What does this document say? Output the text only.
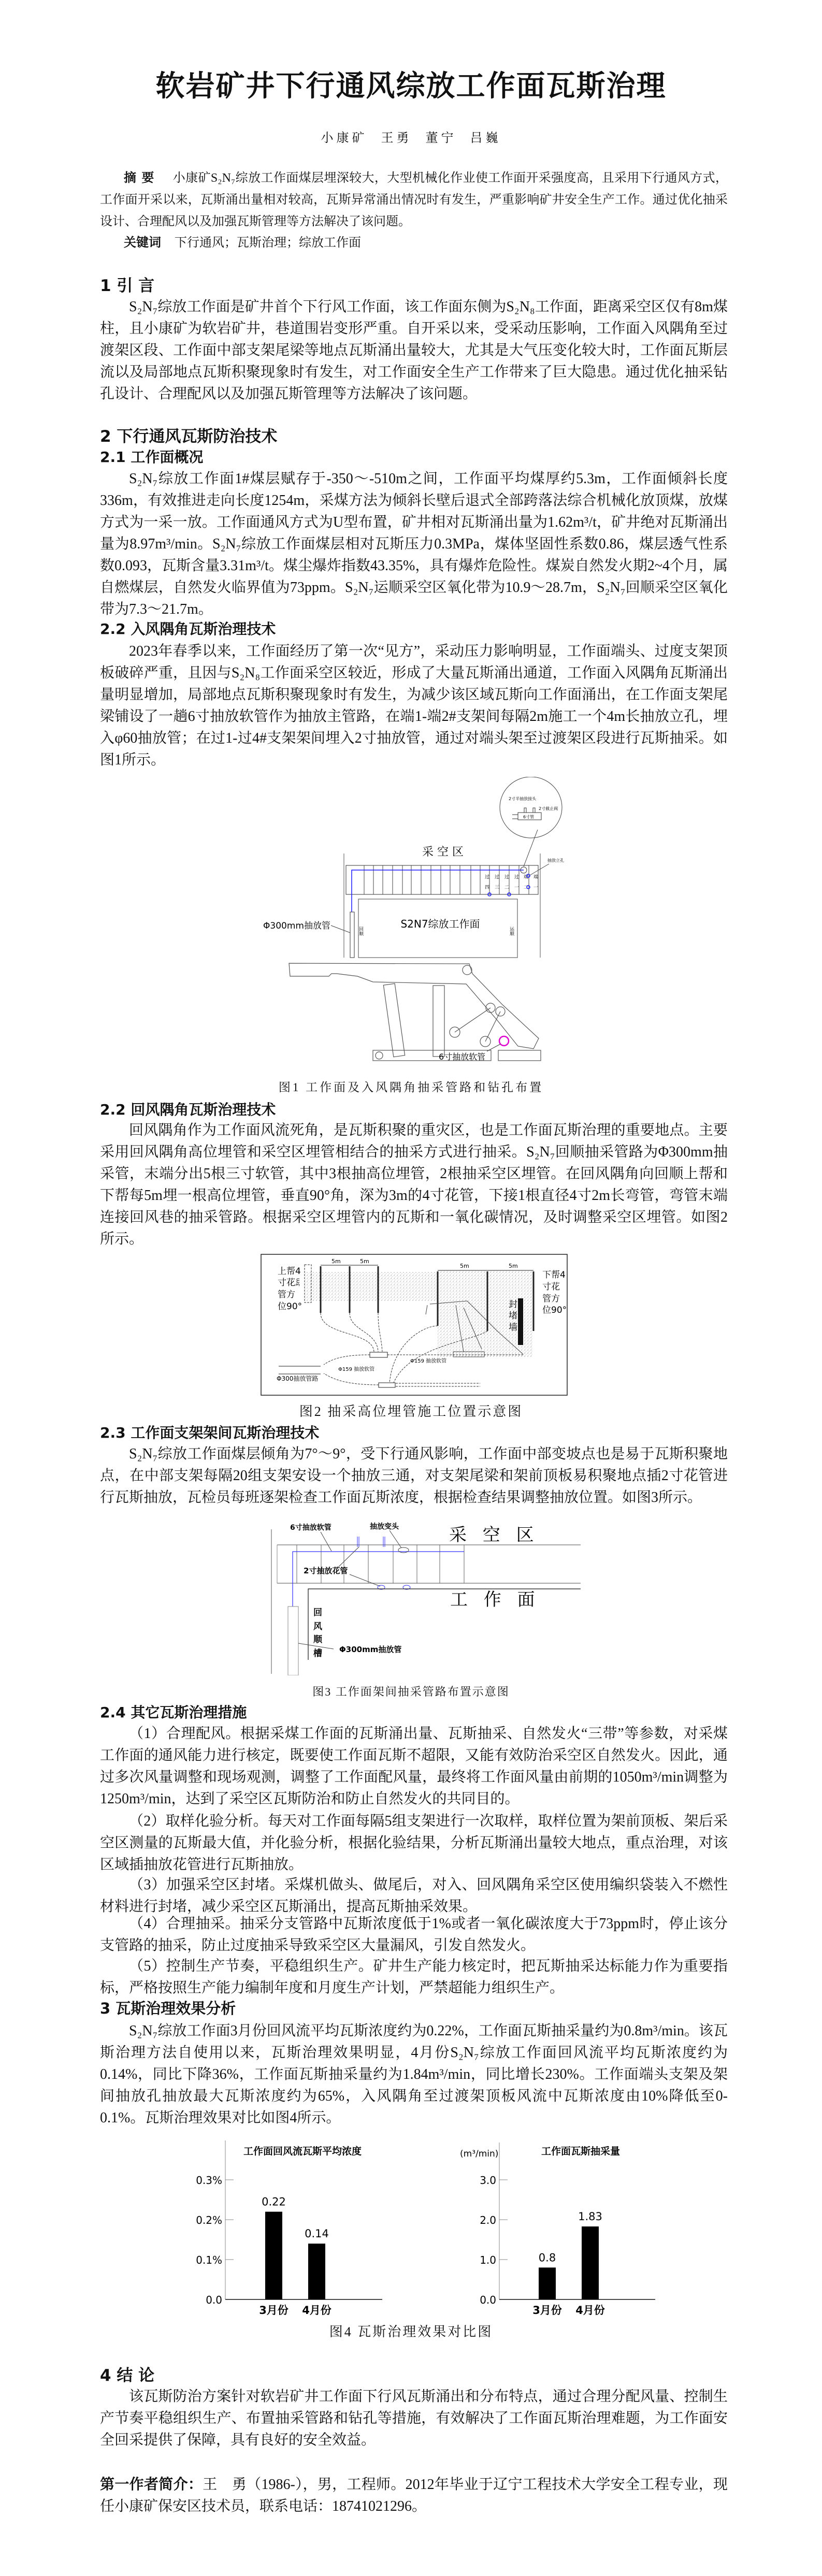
软岩矿井下行通风综放工作面瓦斯治理
小康矿 王勇 董宁 吕巍
摘要 小康矿S₂N₇综放工作面煤层埋深较大，大型机械化作业使工作面开采强度高，且采用下行通风方式，工作面开采以来，瓦斯涌出量相对较高，瓦斯异常涌出情况时有发生，严重影响矿井安全生产工作。通过优化抽采设计、合理配风以及加强瓦斯管理等方法解决了该问题。
关键词 下行通风；瓦斯治理；综放工作面
1 引 言
S₂N₇综放工作面是矿井首个下行风工作面，该工作面东侧为S₂N₈工作面，距离采空区仅有8m煤柱，且小康矿为软岩矿井，巷道围岩变形严重。自开采以来，受采动压影响，工作面入风隅角至过渡架区段、工作面中部支架尾梁等地点瓦斯涌出量较大，尤其是大气压变化较大时，工作面瓦斯层流以及局部地点瓦斯积聚现象时有发生，对工作面安全生产工作带来了巨大隐患。通过优化抽采钻孔设计、合理配风以及加强瓦斯管理等方法解决了该问题。
2 下行通风瓦斯防治技术
2.1 工作面概况
S₂N₇综放工作面1#煤层赋存于-350～-510m之间，工作面平均煤厚约5.3m，工作面倾斜长度336m，有效推进走向长度1254m，采煤方法为倾斜长壁后退式全部跨落法综合机械化放顶煤，放煤方式为一采一放。工作面通风方式为U型布置，矿井相对瓦斯涌出量为1.62m³/t，矿井绝对瓦斯涌出量为8.97m³/min。S₂N₇综放工作面煤层相对瓦斯压力0.3MPa，煤体坚固性系数0.86，煤层透气性系数0.093，瓦斯含量3.31m³/t。煤尘爆炸指数43.35%，具有爆炸危险性。煤炭自然发火期2~4个月，属自燃煤层，自然发火临界值为73ppm。S₂N₇运顺采空区氧化带为10.9～28.7m，S₂N₇回顺采空区氧化带为7.3～21.7m。
2.2 入风隅角瓦斯治理技术
2023年春季以来，工作面经历了第一次“见方”，采动压力影响明显，工作面端头、过度支架顶板破碎严重，且因与S₂N₈工作面采空区较近，形成了大量瓦斯涌出通道，工作面入风隅角瓦斯涌出量明显增加，局部地点瓦斯积聚现象时有发生，为减少该区域瓦斯向工作面涌出，在工作面支架尾梁铺设了一趟6寸抽放软管作为抽放主管路，在端1-端2#支架间每隔2m施工一个4m长抽放立孔，埋入φ60抽放管；在过1-过4#支架架间埋入2寸抽放管，通过对端头架至过渡架区段进行瓦斯抽采。如图1所示。
2寸半抽放接头
2寸截止阀
6寸管
采 空 区
过
四
过
三
过
二
过
一
端
二
端
一
抽放立孔
S2N7综放工作面
回顺	运顺
Φ300mm抽放管
6寸抽放软管
图1 工作面及入风隅角抽采管路和钻孔布置
2.2 回风隅角瓦斯治理技术
回风隅角作为工作面风流死角，是瓦斯积聚的重灾区，也是工作面瓦斯治理的重要地点。主要采用回风隅角高位埋管和采空区埋管相结合的抽采方式进行抽采。S₂N₇回顺抽采管路为Φ300mm抽采管，末端分出5根三寸软管，其中3根抽高位埋管，2根抽采空区埋管。在回风隅角向回顺上帮和下帮每5m埋一根高位埋管，垂直90°角，深为3m的4寸花管，下接1根直径4寸2m长弯管，弯管末端连接回风巷的抽采管路。根据采空区埋管内的瓦斯和一氧化碳情况，及时调整采空区埋管。如图2所示。
5m	5m
5m	5m
上帮4
寸花
管方
位90°
3m
下帮4
寸花
管方
位90°
封
堵
墙
Φ300抽放管路
Φ159 抽放软管
Φ159 抽放软管
图2 抽采高位埋管施工位置示意图
2.3 工作面支架架间瓦斯治理技术
S₂N₇综放工作面煤层倾角为7°～9°，受下行通风影响，工作面中部变坡点也是易于瓦斯积聚地点，在中部支架每隔20组支架安设一个抽放三通，对支架尾梁和架前顶板易积聚地点插2寸花管进行瓦斯抽放，瓦检员每班逐架检查工作面瓦斯浓度，根据检查结果调整抽放位置。如图3所示。
6寸抽放软管	抽放变头	采 空 区
2寸抽放花管
工 作 面
回
风
顺
槽 Φ300mm抽放管
图3 工作面架间抽采管路布置示意图
2.4 其它瓦斯治理措施
（1）合理配风。根据采煤工作面的瓦斯涌出量、瓦斯抽采、自然发火“三带”等参数，对采煤工作面的通风能力进行核定，既要使工作面瓦斯不超限，又能有效防治采空区自然发火。因此，通过多次风量调整和现场观测，调整了工作面配风量，最终将工作面风量由前期的1050m³/min调整为1250m³/min，达到了采空区瓦斯防治和防止自然发火的共同目的。
（2）取样化验分析。每天对工作面每隔5组支架进行一次取样，取样位置为架前顶板、架后采空区测量的瓦斯最大值，并化验分析，根据化验结果，分析瓦斯涌出量较大地点，重点治理，对该区域插抽放花管进行瓦斯抽放。
（3）加强采空区封堵。采煤机做头、做尾后，对入、回风隅角采空区使用编织袋装入不燃性材料进行封堵，减少采空区瓦斯涌出，提高瓦斯抽采效果。
（4）合理抽采。抽采分支管路中瓦斯浓度低于1%或者一氧化碳浓度大于73ppm时，停止该分支管路的抽采，防止过度抽采导致采空区大量漏风，引发自然发火。
（5）控制生产节奏，平稳组织生产。矿井生产能力核定时，把瓦斯抽采达标能力作为重要指标，严格按照生产能力编制年度和月度生产计划，严禁超能力组织生产。
3 瓦斯治理效果分析
S₂N₇综放工作面3月份回风流平均瓦斯浓度约为0.22%，工作面瓦斯抽采量约为0.8m³/min。该瓦斯治理方法自使用以来，瓦斯治理效果明显，4月份S₂N₇综放工作面回风流平均瓦斯浓度约为0.14%，同比下降36%，工作面瓦斯抽采量约为1.84m³/min，同比增长230%。工作面端头支架及架间抽放孔抽放最大瓦斯浓度约为65%，入风隅角至过渡架顶板风流中瓦斯浓度由10%降低至0-0.1%。瓦斯治理效果对比如图4所示。
工作面回风流瓦斯平均浓度
0.0
0.1%
0.2%
0.3%
0.22
3月份
0.14
4月份
工作面瓦斯抽采量
(m³/min)
0.0
1.0
2.0
3.0
0.8
3月份
1.83
4月份
图4 瓦斯治理效果对比图
4 结 论
该瓦斯防治方案针对软岩矿井工作面下行风瓦斯涌出和分布特点，通过合理分配风量、控制生产节奏平稳组织生产、布置抽采管路和钻孔等措施，有效解决了工作面瓦斯治理难题，为工作面安全回采提供了保障，具有良好的安全效益。
第一作者简介：王　勇（1986-），男，工程师。2012年毕业于辽宁工程技术大学安全工程专业，现任小康矿保安区技术员，联系电话：18741021296。
